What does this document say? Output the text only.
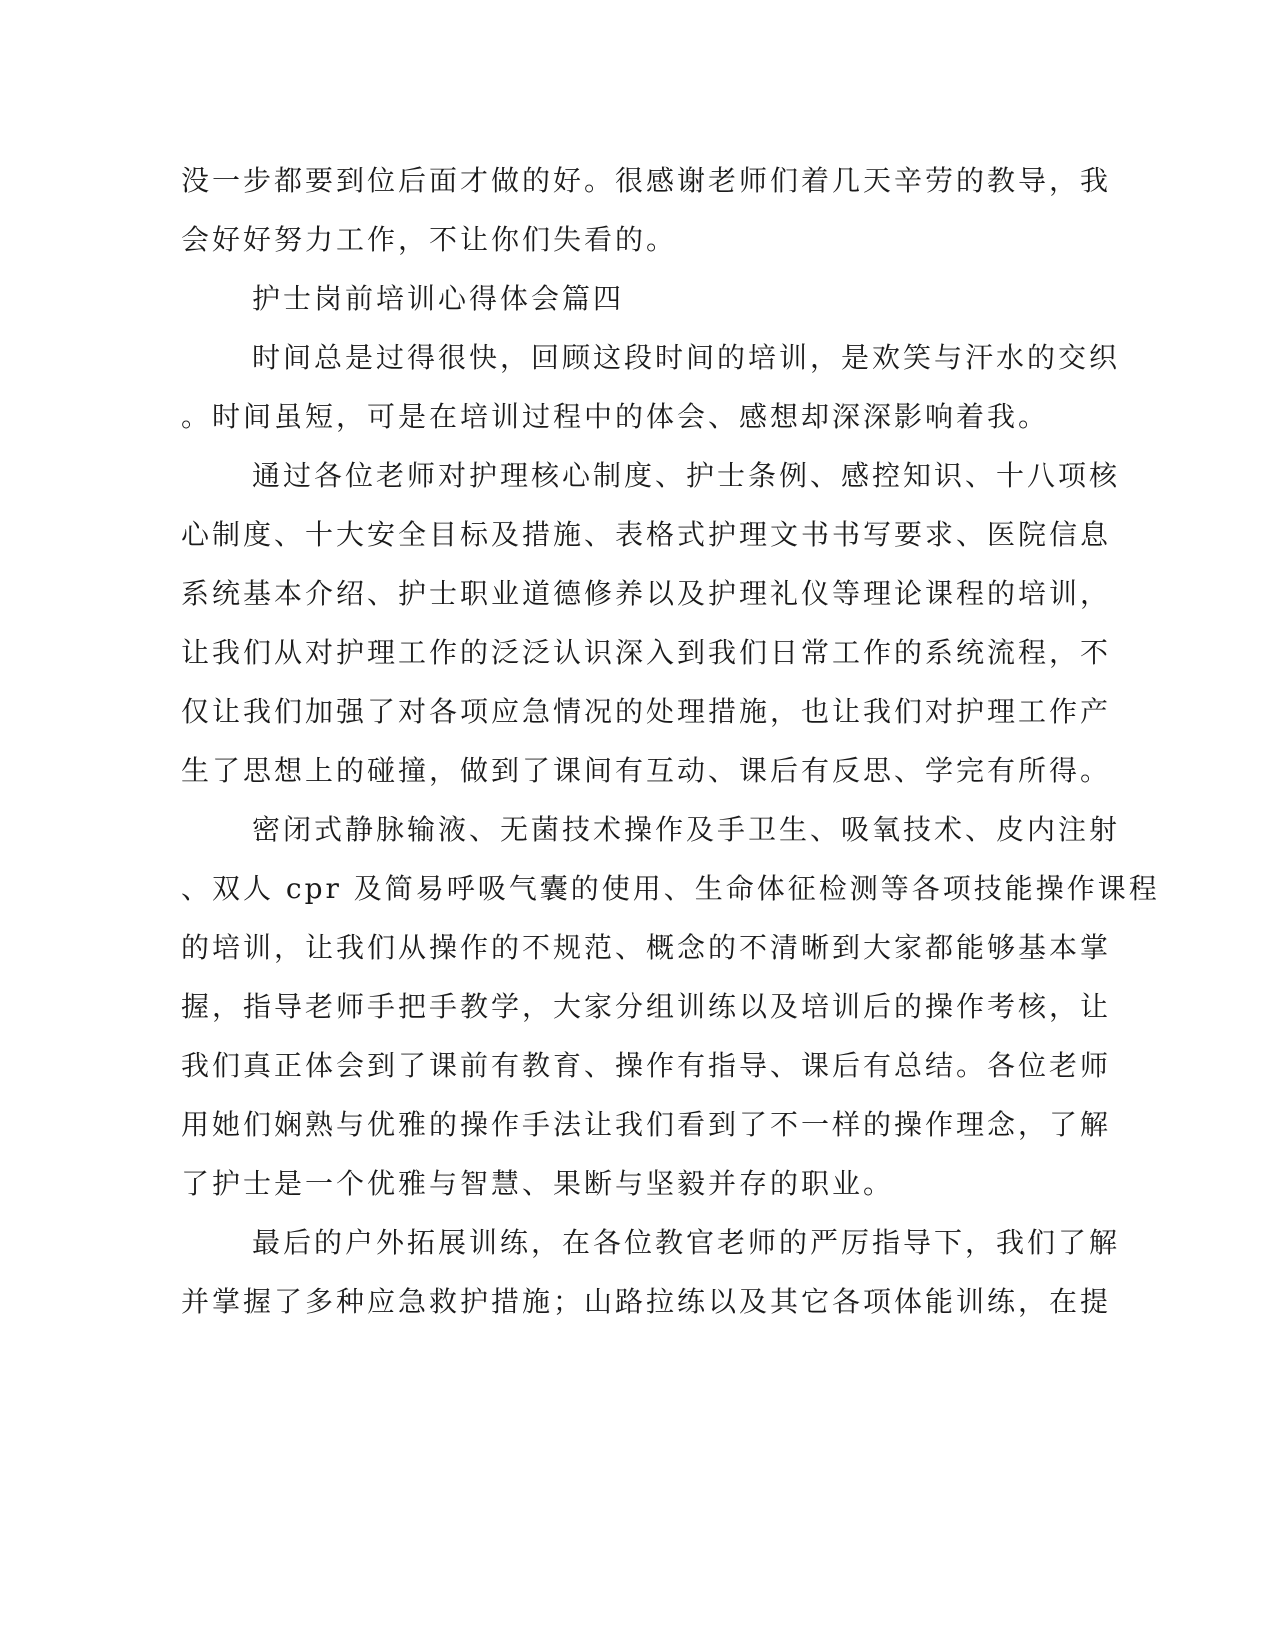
没一步都要到位后面才做的好。很感谢老师们着几天辛劳的教导，我
会好好努力工作，不让你们失看的。
护士岗前培训心得体会篇四
时间总是过得很快，回顾这段时间的培训，是欢笑与汗水的交织
。时间虽短，可是在培训过程中的体会、感想却深深影响着我。
通过各位老师对护理核心制度、护士条例、感控知识、十八项核
心制度、十大安全目标及措施、表格式护理文书书写要求、医院信息
系统基本介绍、护士职业道德修养以及护理礼仪等理论课程的培训，
让我们从对护理工作的泛泛认识深入到我们日常工作的系统流程，不
仅让我们加强了对各项应急情况的处理措施，也让我们对护理工作产
生了思想上的碰撞，做到了课间有互动、课后有反思、学完有所得。
密闭式静脉输液、无菌技术操作及手卫生、吸氧技术、皮内注射
、双人 cpr 及简易呼吸气囊的使用、生命体征检测等各项技能操作课程
的培训，让我们从操作的不规范、概念的不清晰到大家都能够基本掌
握，指导老师手把手教学，大家分组训练以及培训后的操作考核，让
我们真正体会到了课前有教育、操作有指导、课后有总结。各位老师
用她们娴熟与优雅的操作手法让我们看到了不一样的操作理念，了解
了护士是一个优雅与智慧、果断与坚毅并存的职业。
最后的户外拓展训练，在各位教官老师的严厉指导下，我们了解
并掌握了多种应急救护措施；山路拉练以及其它各项体能训练，在提
